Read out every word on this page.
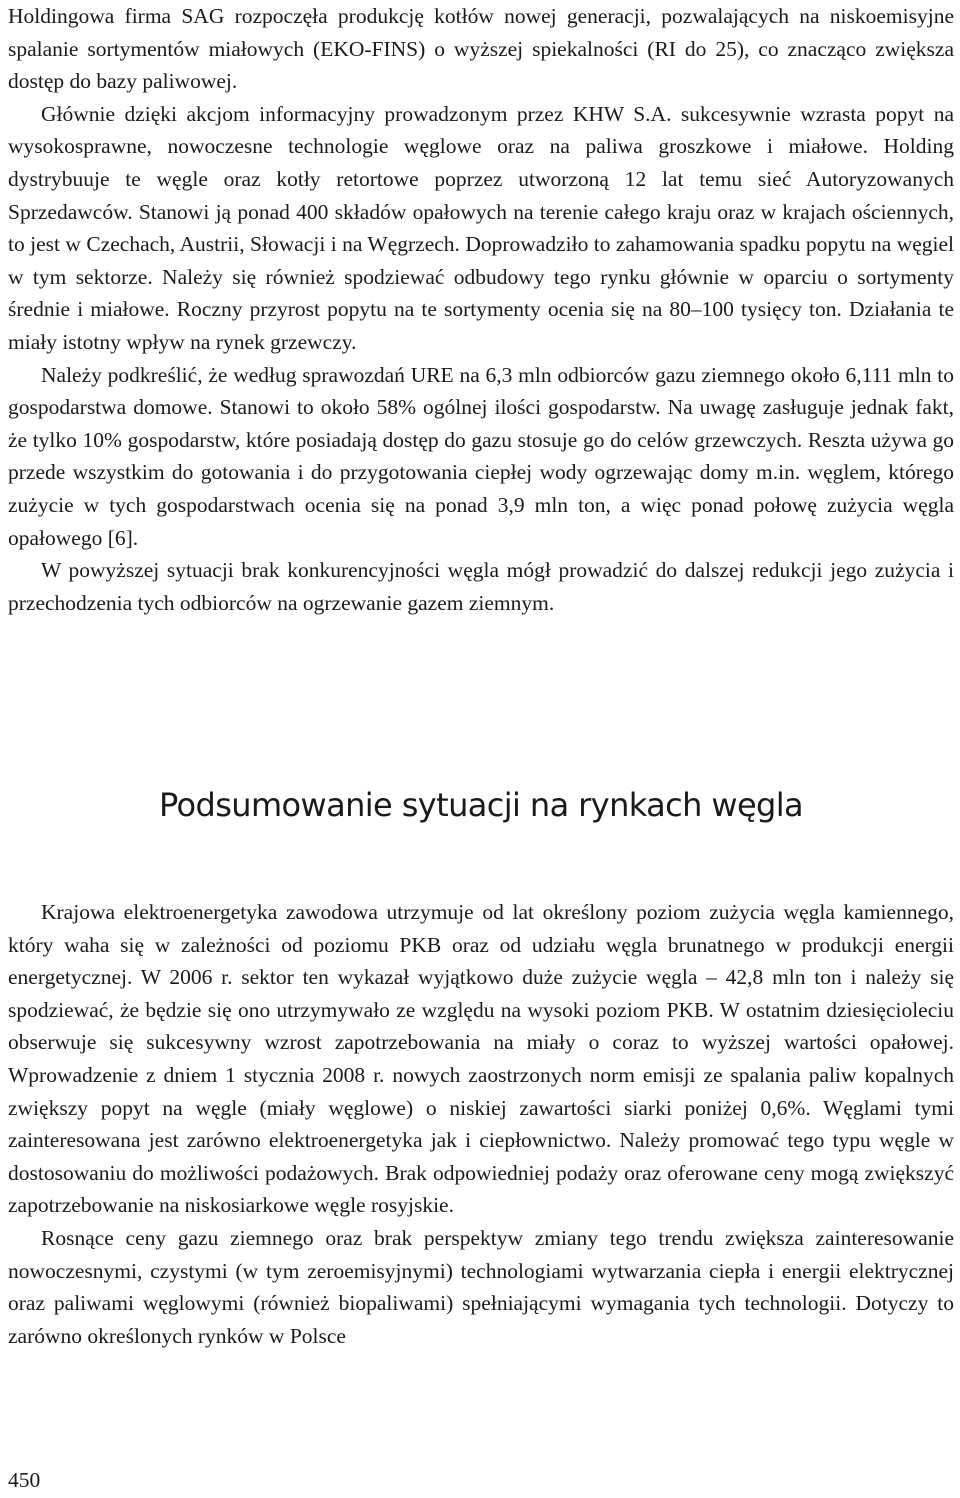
Holdingowa firma SAG rozpoczęła produkcję kotłów nowej generacji, pozwalających na niskoemisyjne spalanie sortymentów miałowych (EKO-FINS) o wyższej spiekalności (RI do 25), co znacząco zwiększa dostęp do bazy paliwowej.

Głównie dzięki akcjom informacyjny prowadzonym przez KHW S.A. sukcesywnie wzrasta popyt na wysokosprawne, nowoczesne technologie węglowe oraz na paliwa groszkowe i miałowe. Holding dystrybuuje te węgle oraz kotły retortowe poprzez utworzoną 12 lat temu sieć Autoryzowanych Sprzedawców. Stanowi ją ponad 400 składów opałowych na terenie całego kraju oraz w krajach ościennych, to jest w Czechach, Austrii, Słowacji i na Węgrzech. Doprowadziło to zahamowania spadku popytu na węgiel w tym sektorze. Należy się również spodziewać odbudowy tego rynku głównie w oparciu o sortymenty średnie i miałowe. Roczny przyrost popytu na te sortymenty ocenia się na 80–100 tysięcy ton. Działania te miały istotny wpływ na rynek grzewczy.

Należy podkreślić, że według sprawozdań URE na 6,3 mln odbiorców gazu ziemnego około 6,111 mln to gospodarstwa domowe. Stanowi to około 58% ogólnej ilości gospodarstw. Na uwagę zasługuje jednak fakt, że tylko 10% gospodarstw, które posiadają dostęp do gazu stosuje go do celów grzewczych. Reszta używa go przede wszystkim do gotowania i do przygotowania ciepłej wody ogrzewając domy m.in. węglem, którego zużycie w tych gospodarstwach ocenia się na ponad 3,9 mln ton, a więc ponad połowę zużycia węgla opałowego [6].

W powyższej sytuacji brak konkurencyjności węgla mógł prowadzić do dalszej redukcji jego zużycia i przechodzenia tych odbiorców na ogrzewanie gazem ziemnym.

Podsumowanie sytuacji na rynkach węgla

Krajowa elektroenergetyka zawodowa utrzymuje od lat określony poziom zużycia węgla kamiennego, który waha się w zależności od poziomu PKB oraz od udziału węgla brunatnego w produkcji energii energetycznej. W 2006 r. sektor ten wykazał wyjątkowo duże zużycie węgla – 42,8 mln ton i należy się spodziewać, że będzie się ono utrzymywało ze względu na wysoki poziom PKB. W ostatnim dziesięcioleciu obserwuje się sukcesywny wzrost zapotrzebowania na miały o coraz to wyższej wartości opałowej. Wprowadzenie z dniem 1 stycznia 2008 r. nowych zaostrzonych norm emisji ze spalania paliw kopalnych zwiększy popyt na węgle (miały węglowe) o niskiej zawartości siarki poniżej 0,6%. Węglami tymi zainteresowana jest zarówno elektroenergetyka jak i ciepłownictwo. Należy promować tego typu węgle w dostosowaniu do możliwości podażowych. Brak odpowiedniej podaży oraz oferowane ceny mogą zwiększyć zapotrzebowanie na niskosiarkowe węgle rosyjskie.

Rosnące ceny gazu ziemnego oraz brak perspektyw zmiany tego trendu zwiększa zainteresowanie nowoczesnymi, czystymi (w tym zeroemisyjnymi) technologiami wytwarzania ciepła i energii elektrycznej oraz paliwami węglowymi (również biopaliwami) spełniającymi wymagania tych technologii. Dotyczy to zarówno określonych rynków w Polsce

450
